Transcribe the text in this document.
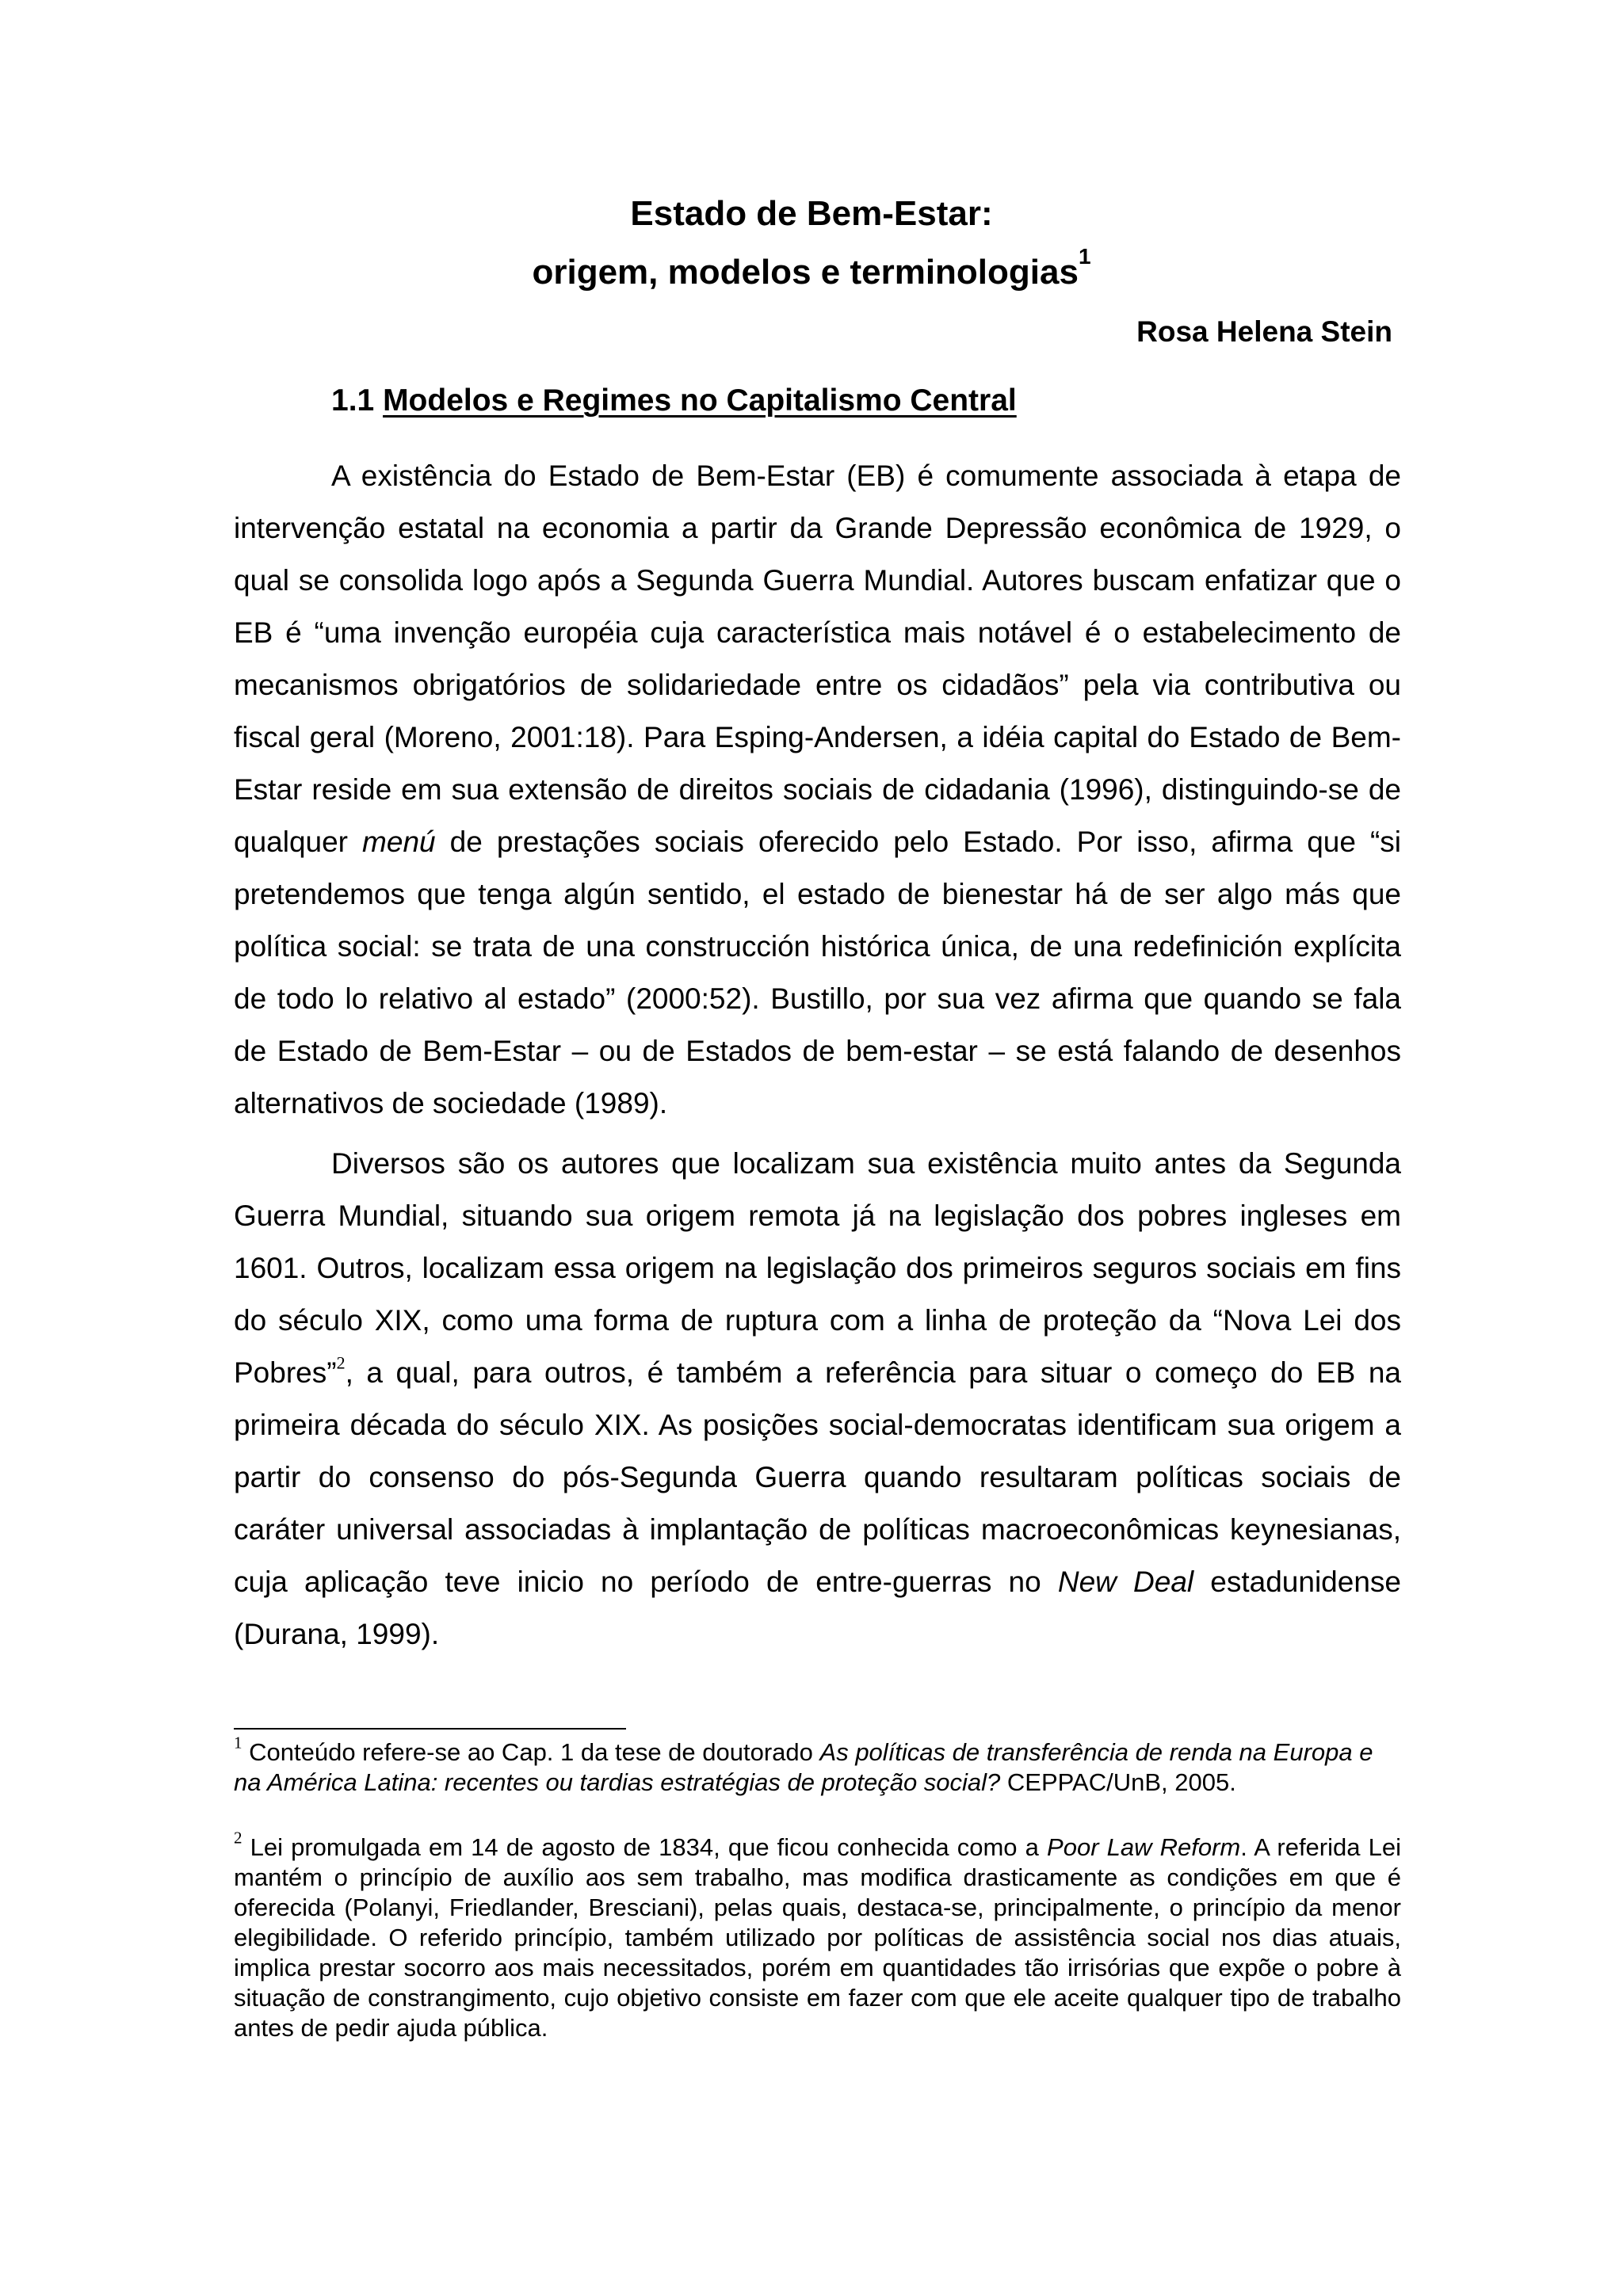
Estado de Bem-Estar:
origem, modelos e terminologias$^1$

Rosa Helena Stein

1.1 Modelos e Regimes no Capitalismo Central

A existência do Estado de Bem-Estar (EB) é comumente associada à etapa de intervenção estatal na economia a partir da Grande Depressão econômica de 1929, o qual se consolida logo após a Segunda Guerra Mundial. Autores buscam enfatizar que o EB é “uma invenção européia cuja característica mais notável é o estabelecimento de mecanismos obrigatórios de solidariedade entre os cidadãos” pela via contributiva ou fiscal geral (Moreno, 2001:18). Para Esping-Andersen, a idéia capital do Estado de Bem-Estar reside em sua extensão de direitos sociais de cidadania (1996), distinguindo-se de qualquer menú de prestações sociais oferecido pelo Estado. Por isso, afirma que “si pretendemos que tenga algún sentido, el estado de bienestar há de ser algo más que política social: se trata de una construcción histórica única, de una redefinición explícita de todo lo relativo al estado” (2000:52). Bustillo, por sua vez afirma que quando se fala de Estado de Bem-Estar – ou de Estados de bem-estar – se está falando de desenhos alternativos de sociedade (1989).

Diversos são os autores que localizam sua existência muito antes da Segunda Guerra Mundial, situando sua origem remota já na legislação dos pobres ingleses em 1601. Outros, localizam essa origem na legislação dos primeiros seguros sociais em fins do século XIX, como uma forma de ruptura com a linha de proteção da “Nova Lei dos Pobres”$^2$, a qual, para outros, é também a referência para situar o começo do EB na primeira década do século XIX. As posições social-democratas identificam sua origem a partir do consenso do pós-Segunda Guerra quando resultaram políticas sociais de caráter universal associadas à implantação de políticas macroeconômicas keynesianas, cuja aplicação teve inicio no período de entre-guerras no New Deal estadunidense (Durana, 1999).

$^1$ Conteúdo refere-se ao Cap. 1 da tese de doutorado As políticas de transferência de renda na Europa e na América Latina: recentes ou tardias estratégias de proteção social? CEPPAC/UnB, 2005.

$^2$ Lei promulgada em 14 de agosto de 1834, que ficou conhecida como a Poor Law Reform. A referida Lei mantém o princípio de auxílio aos sem trabalho, mas modifica drasticamente as condições em que é oferecida (Polanyi, Friedlander, Bresciani), pelas quais, destaca-se, principalmente, o princípio da menor elegibilidade. O referido princípio, também utilizado por políticas de assistência social nos dias atuais, implica prestar socorro aos mais necessitados, porém em quantidades tão irrisórias que expõe o pobre à situação de constrangimento, cujo objetivo consiste em fazer com que ele aceite qualquer tipo de trabalho antes de pedir ajuda pública.
